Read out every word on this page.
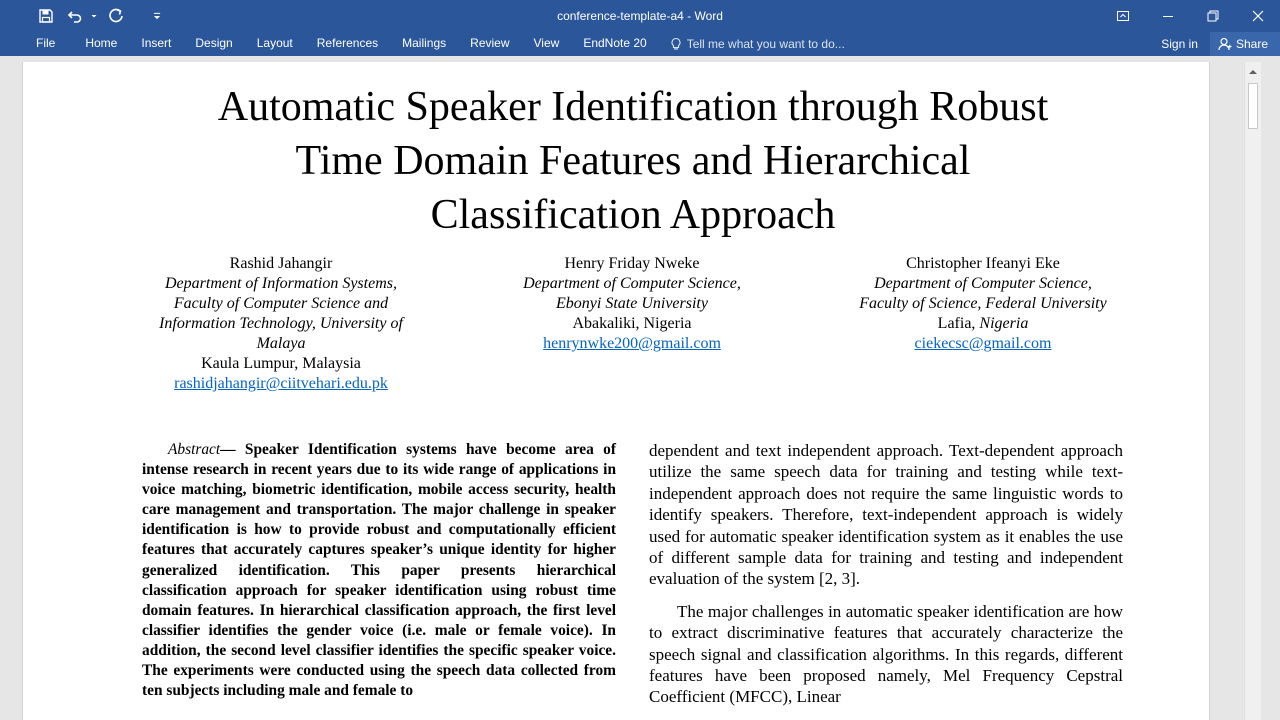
conference-template-a4 - Word
File	Home	Insert	Design	Layout	References	Mailings	Review	View	EndNote 20	Tell me what you want to do...	Sign in	Share
Automatic Speaker Identification through Robust
Time Domain Features and Hierarchical
Classification Approach
Rashid Jahangir
Department of Information Systems,
Faculty of Computer Science and
Information Technology, University of
Malaya
Kaula Lumpur, Malaysia
rashidjahangir@ciitvehari.edu.pk
Henry Friday Nweke
Department of Computer Science,
Ebonyi State University
Abakaliki, Nigeria
henrynwke200@gmail.com
Christopher Ifeanyi Eke
Department of Computer Science,
Faculty of Science, Federal University
Lafia, Nigeria
ciekecsc@gmail.com

Abstract— Speaker Identification systems have become area of intense research in recent years due to its wide range of applications in voice matching, biometric identification, mobile access security, health care management and transportation. The major challenge in speaker identification is how to provide robust and computationally efficient features that accurately captures speaker’s unique identity for higher generalized identification. This paper presents hierarchical classification approach for speaker identification using robust time domain features. In hierarchical classification approach, the first level classifier identifies the gender voice (i.e. male or female voice). In addition, the second level classifier identifies the specific speaker voice. The experiments were conducted using the speech data collected from ten subjects including male and female to

dependent and text independent approach. Text-dependent approach utilize the same speech data for training and testing while text-independent approach does not require the same linguistic words to identify speakers. Therefore, text-independent approach is widely used for automatic speaker identification system as it enables the use of different sample data for training and testing and independent evaluation of the system [2, 3].

The major challenges in automatic speaker identification are how to extract discriminative features that accurately characterize the speech signal and classification algorithms. In this regards, different features have been proposed namely, Mel Frequency Cepstral Coefficient (MFCC), Linear
